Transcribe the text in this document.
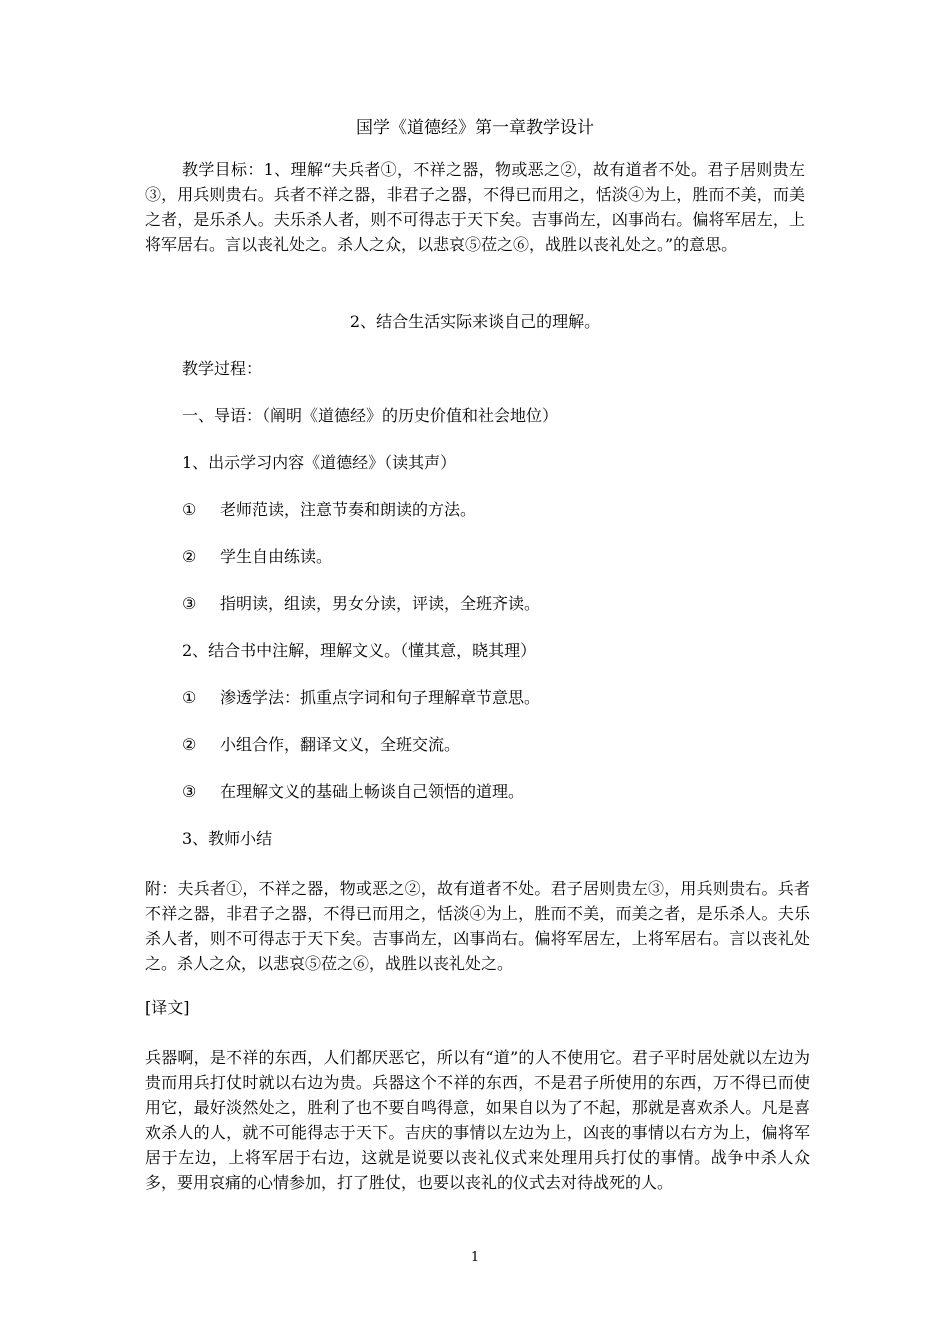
国学《道德经》第一章教学设计

教学目标：1、理解“夫兵者①，不祥之器，物或恶之②，故有道者不处。君子居则贵左③，用兵则贵右。兵者不祥之器，非君子之器，不得已而用之，恬淡④为上，胜而不美，而美之者，是乐杀人。夫乐杀人者，则不可得志于天下矣。吉事尚左，凶事尚右。偏将军居左，上将军居右。言以丧礼处之。杀人之众，以悲哀⑤莅之⑥，战胜以丧礼处之。”的意思。

2、结合生活实际来谈自己的理解。
教学过程：
一、导语：（阐明《道德经》的历史价值和社会地位）
1、出示学习内容《道德经》（读其声）
① 老师范读，注意节奏和朗读的方法。
② 学生自由练读。
③ 指明读，组读，男女分读，评读，全班齐读。
2、结合书中注解，理解文义。（懂其意，晓其理）
① 渗透学法：抓重点字词和句子理解章节意思。
② 小组合作，翻译文义，全班交流。
③ 在理解文义的基础上畅谈自己领悟的道理。
3、教师小结

附：夫兵者①，不祥之器，物或恶之②，故有道者不处。君子居则贵左③，用兵则贵右。兵者不祥之器，非君子之器，不得已而用之，恬淡④为上，胜而不美，而美之者，是乐杀人。夫乐杀人者，则不可得志于天下矣。吉事尚左，凶事尚右。偏将军居左，上将军居右。言以丧礼处之。杀人之众，以悲哀⑤莅之⑥，战胜以丧礼处之。

[译文]

兵器啊，是不祥的东西，人们都厌恶它，所以有“道”的人不使用它。君子平时居处就以左边为贵而用兵打仗时就以右边为贵。兵器这个不祥的东西，不是君子所使用的东西，万不得已而使用它，最好淡然处之，胜利了也不要自鸣得意，如果自以为了不起，那就是喜欢杀人。凡是喜欢杀人的人，就不可能得志于天下。吉庆的事情以左边为上，凶丧的事情以右方为上，偏将军居于左边，上将军居于右边，这就是说要以丧礼仪式来处理用兵打仗的事情。战争中杀人众多，要用哀痛的心情参加，打了胜仗，也要以丧礼的仪式去对待战死的人。

1
